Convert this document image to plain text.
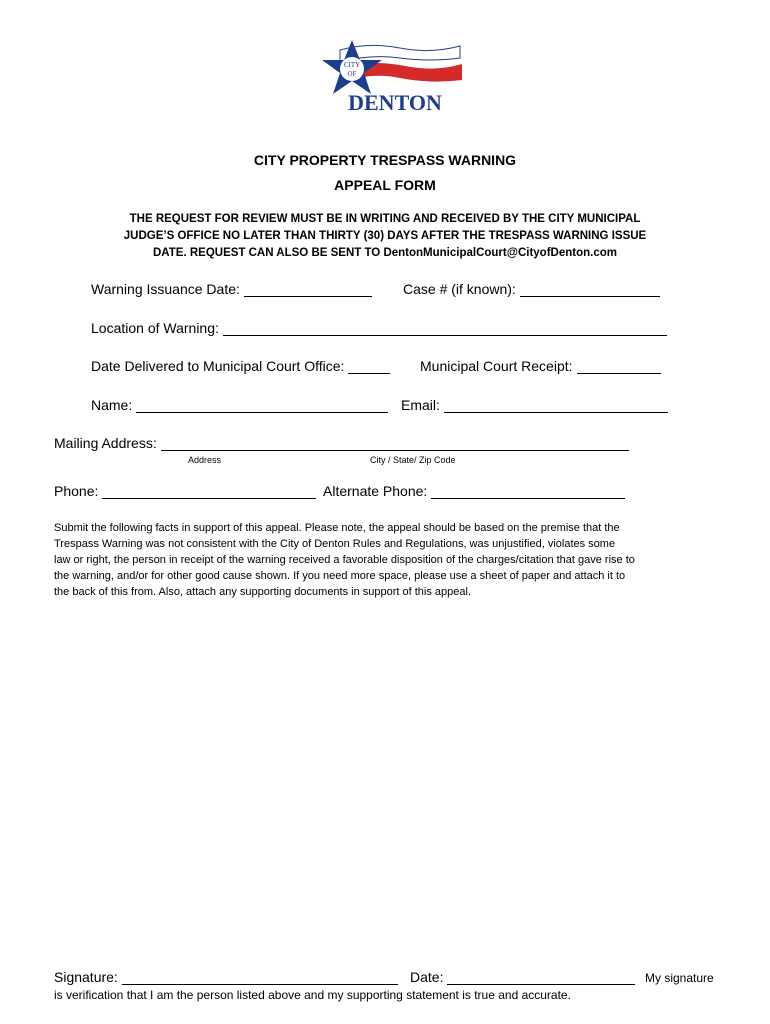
CITY
OF
DENTON
CITY PROPERTY TRESPASS WARNING
APPEAL FORM
THE REQUEST FOR REVIEW MUST BE IN WRITING AND RECEIVED BY THE CITY MUNICIPAL
JUDGE’S OFFICE NO LATER THAN THIRTY (30) DAYS AFTER THE TRESPASS WARNING ISSUE
DATE. REQUEST CAN ALSO BE SENT TO DentonMunicipalCourt@CityofDenton.com
Warning Issuance Date:	Case # (if known):
Location of Warning:
Date Delivered to Municipal Court Office:	Municipal Court Receipt:
Name:	Email:
Mailing Address:
Address	City / State/ Zip Code
Phone:	Alternate Phone:
Submit the following facts in support of this appeal. Please note, the appeal should be based on the premise that the
Trespass Warning was not consistent with the City of Denton Rules and Regulations, was unjustified, violates some
law or right, the person in receipt of the warning received a favorable disposition of the charges/citation that gave rise to
the warning, and/or for other good cause shown. If you need more space, please use a sheet of paper and attach it to
the back of this from. Also, attach any supporting documents in support of this appeal.
Signature:	Date:	My signature
is verification that I am the person listed above and my supporting statement is true and accurate.
